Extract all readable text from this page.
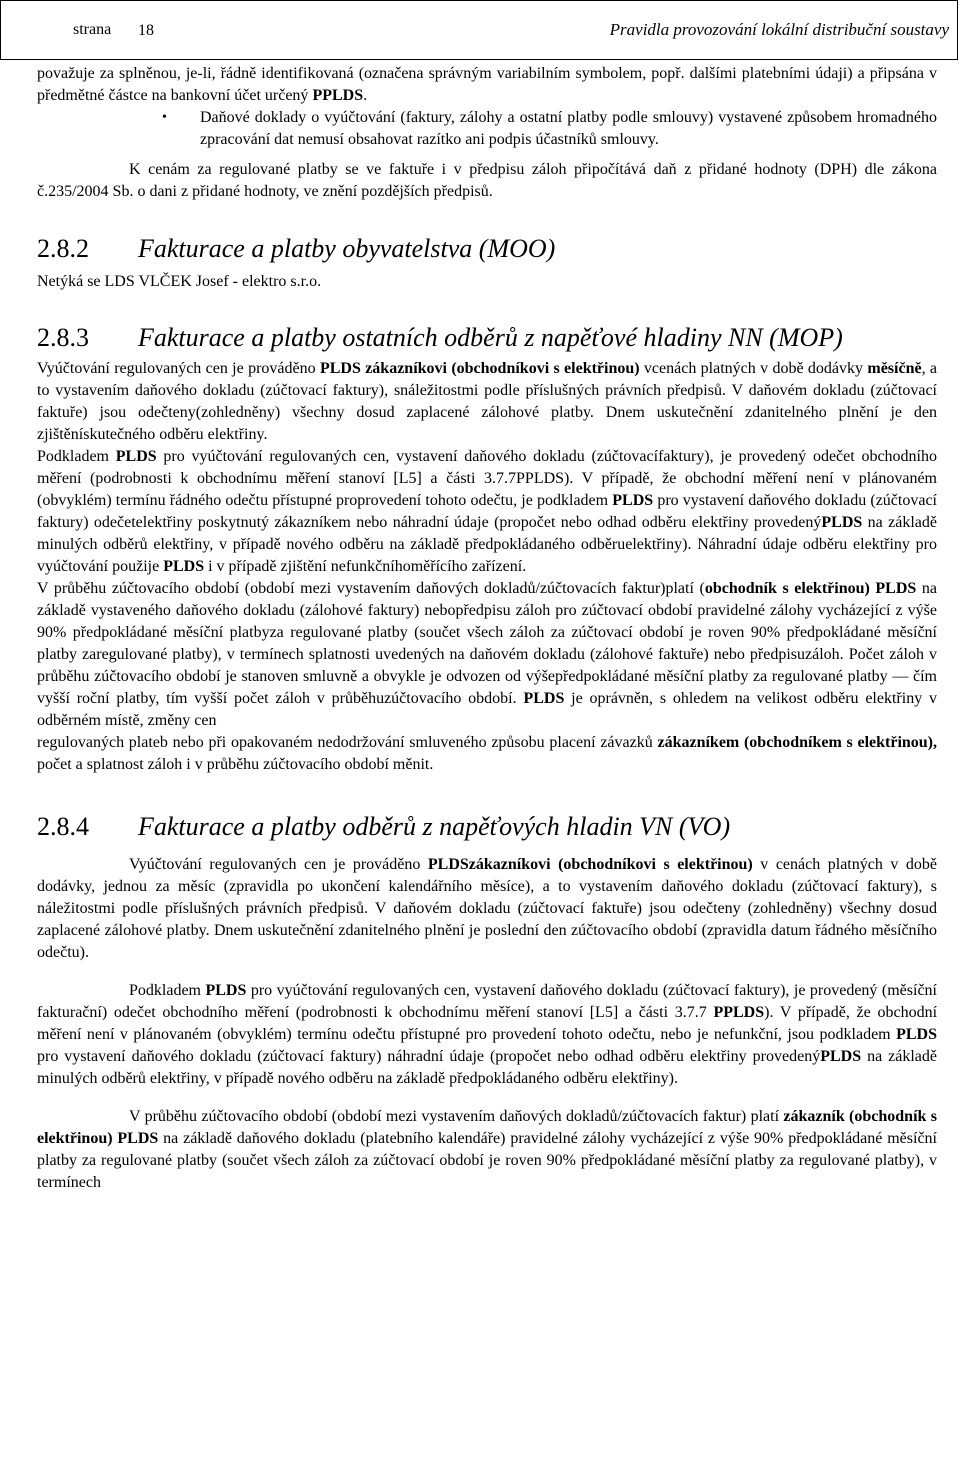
strana 18	Pravidla provozování lokální distribuční soustavy

považuje za splněnou, je-li, řádně identifikovaná (označena správným variabilním symbolem, popř. dalšími platebními údaji) a připsána v předmětné částce na bankovní účet určený PPLDS.

•	Daňové doklady o vyúčtování (faktury, zálohy a ostatní platby podle smlouvy) vystavené způsobem hromadného zpracování dat nemusí obsahovat razítko ani podpis účastníků smlouvy.

K cenám za regulované platby se ve faktuře i v předpisu záloh připočítává daň z přidané hodnoty (DPH) dle zákona č.235/2004 Sb. o dani z přidané hodnoty, ve znění pozdějších předpisů.

2.8.2 Fakturace a platby obyvatelstva (MOO)

Netýká se LDS VLČEK Josef - elektro s.r.o.

2.8.3 Fakturace a platby ostatních odběrů z napěťové hladiny NN (MOP)

Vyúčtování regulovaných cen je prováděno PLDS zákazníkovi (obchodníkovi s elektřinou) vcenách platných v době dodávky měsíčně, a to vystavením daňového dokladu (zúčtovací faktury), snáležitostmi podle příslušných právních předpisů. V daňovém dokladu (zúčtovací faktuře) jsou odečteny(zohledněny) všechny dosud zaplacené zálohové platby. Dnem uskutečnění zdanitelného plnění je den zjištěnískutečného odběru elektřiny.

Podkladem PLDS pro vyúčtování regulovaných cen, vystavení daňového dokladu (zúčtovacífaktury), je provedený odečet obchodního měření (podrobnosti k obchodnímu měření stanoví [L5] a části 3.7.7PPLDS). V případě, že obchodní měření není v plánovaném (obvyklém) termínu řádného odečtu přístupné proprovedení tohoto odečtu, je podkladem PLDS pro vystavení daňového dokladu (zúčtovací faktury) odečetelektřiny poskytnutý zákazníkem nebo náhradní údaje (propočet nebo odhad odběru elektřiny provedenýPLDS na základě minulých odběrů elektřiny, v případě nového odběru na základě předpokládaného odběruelektřiny). Náhradní údaje odběru elektřiny pro vyúčtování použije PLDS i v případě zjištění nefunkčníhoměřícího zařízení.

V průběhu zúčtovacího období (období mezi vystavením daňových dokladů/zúčtovacích faktur)platí (obchodník s elektřinou) PLDS na základě vystaveného daňového dokladu (zálohové faktury) nebopředpisu záloh pro zúčtovací období pravidelné zálohy vycházející z výše 90% předpokládané měsíční platbyza regulované platby (součet všech záloh za zúčtovací období je roven 90% předpokládané měsíční platby zaregulované platby), v termínech splatnosti uvedených na daňovém dokladu (zálohové faktuře) nebo předpisuzáloh. Počet záloh v průběhu zúčtovacího období je stanoven smluvně a obvykle je odvozen od výšepředpokládané měsíční platby za regulované platby — čím vyšší roční platby, tím vyšší počet záloh v průběhuzúčtovacího období. PLDS je oprávněn, s ohledem na velikost odběru elektřiny v odběrném místě, změny cen
regulovaných plateb nebo při opakovaném nedodržování smluveného způsobu placení závazků zákazníkem (obchodníkem s elektřinou), počet a splatnost záloh i v průběhu zúčtovacího období měnit.

2.8.4 Fakturace a platby odběrů z napěťových hladin VN (VO)

Vyúčtování regulovaných cen je prováděno PLDSzákazníkovi (obchodníkovi s elektřinou) v cenách platných v době dodávky, jednou za měsíc (zpravidla po ukončení kalendářního měsíce), a to vystavením daňového dokladu (zúčtovací faktury), s náležitostmi podle příslušných právních předpisů. V daňovém dokladu (zúčtovací faktuře) jsou odečteny (zohledněny) všechny dosud zaplacené zálohové platby. Dnem uskutečnění zdanitelného plnění je poslední den zúčtovacího období (zpravidla datum řádného měsíčního odečtu).

Podkladem PLDS pro vyúčtování regulovaných cen, vystavení daňového dokladu (zúčtovací faktury), je provedený (měsíční fakturační) odečet obchodního měření (podrobnosti k obchodnímu měření stanoví [L5] a části 3.7.7 PPLDS). V případě, že obchodní měření není v plánovaném (obvyklém) termínu odečtu přístupné pro provedení tohoto odečtu, nebo je nefunkční, jsou podkladem PLDS pro vystavení daňového dokladu (zúčtovací faktury) náhradní údaje (propočet nebo odhad odběru elektřiny provedenýPLDS na základě minulých odběrů elektřiny, v případě nového odběru na základě předpokládaného odběru elektřiny).

V průběhu zúčtovacího období (období mezi vystavením daňových dokladů/zúčtovacích faktur) platí zákazník (obchodník s elektřinou) PLDS na základě daňového dokladu (platebního kalendáře) pravidelné zálohy vycházející z výše 90% předpokládané měsíční platby za regulované platby (součet všech záloh za zúčtovací období je roven 90% předpokládané měsíční platby za regulované platby), v termínech
